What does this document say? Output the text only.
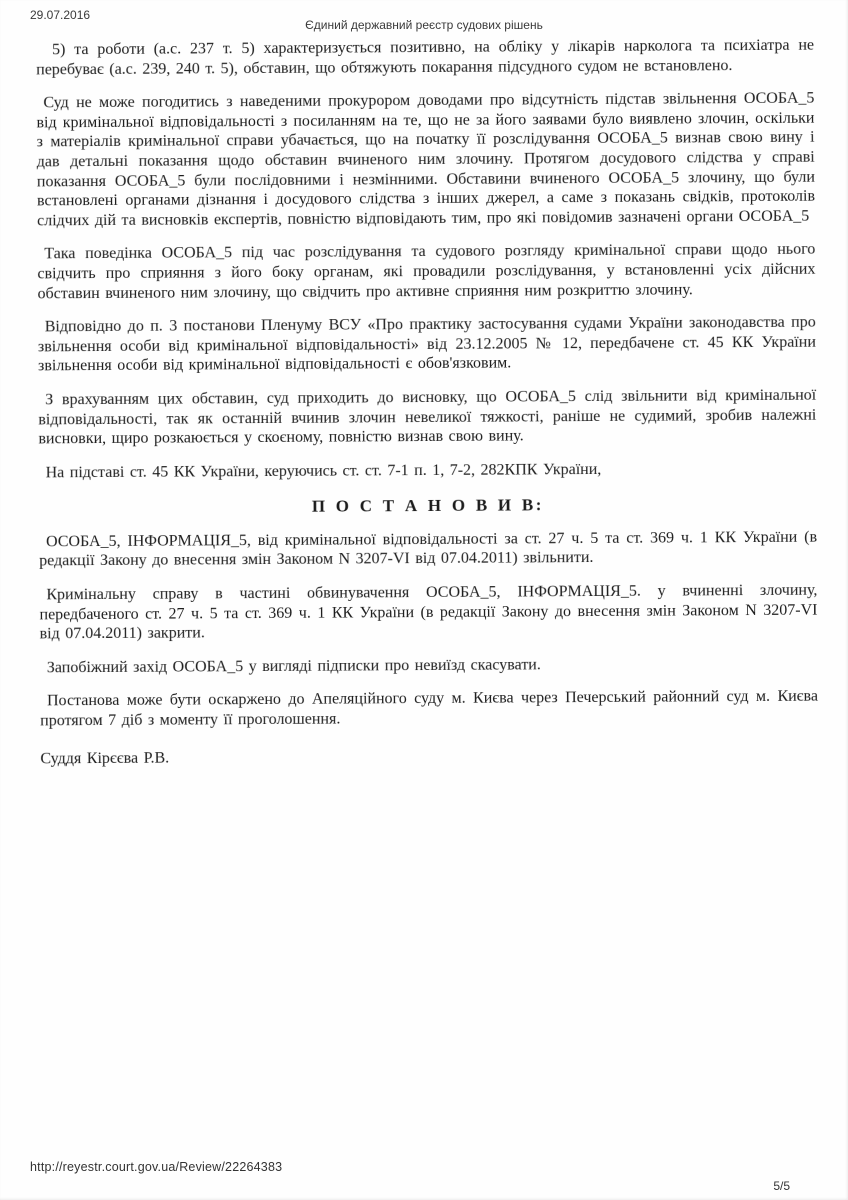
29.07.2016
Єдиний державний реєстр судових рішень

5) та роботи (а.с. 237 т. 5) характеризується позитивно, на обліку у лікарів нарколога та психіатра не перебуває (а.с. 239, 240 т. 5), обставин, що обтяжують покарання підсудного судом не встановлено.

Суд не може погодитись з наведеними прокурором доводами про відсутність підстав звільнення ОСОБА_5 від кримінальної відповідальності з посиланням на те, що не за його заявами було виявлено злочин, оскільки з матеріалів кримінальної справи убачається, що на початку її розслідування ОСОБА_5 визнав свою вину і дав детальні показання щодо обставин вчиненого ним злочину. Протягом досудового слідства у справі показання ОСОБА_5 були послідовними і незмінними. Обставини вчиненого ОСОБА_5 злочину, що були встановлені органами дізнання і досудового слідства з інших джерел, а саме з показань свідків, протоколів слідчих дій та висновків експертів, повністю відповідають тим, про які повідомив зазначені органи ОСОБА_5

Така поведінка ОСОБА_5 під час розслідування та судового розгляду кримінальної справи щодо нього свідчить про сприяння з його боку органам, які провадили розслідування, у встановленні усіх дійсних обставин вчиненого ним злочину, що свідчить про активне сприяння ним розкриттю злочину.

Відповідно до п. 3 постанови Пленуму ВСУ «Про практику застосування судами України законодавства про звільнення особи від кримінальної відповідальності» від 23.12.2005 № 12, передбачене ст. 45 КК України звільнення особи від кримінальної відповідальності є обов'язковим.

З врахуванням цих обставин, суд приходить до висновку, що ОСОБА_5 слід звільнити від кримінальної відповідальності, так як останній вчинив злочин невеликої тяжкості, раніше не судимий, зробив належні висновки, щиро розкаюється у скоєному, повністю визнав свою вину.

На підставі ст. 45 КК України, керуючись ст. ст. 7-1 п. 1, 7-2, 282КПК України,

П О С Т А Н О В И В:

ОСОБА_5, ІНФОРМАЦІЯ_5, від кримінальної відповідальності за ст. 27 ч. 5 та ст. 369 ч. 1 КК України (в редакції Закону до внесення змін Законом N 3207-VI від 07.04.2011) звільнити.

Кримінальну справу в частині обвинувачення ОСОБА_5, ІНФОРМАЦІЯ_5. у вчиненні злочину, передбаченого ст. 27 ч. 5 та ст. 369 ч. 1 КК України (в редакції Закону до внесення змін Законом N 3207-VI від 07.04.2011) закрити.

Запобіжний захід ОСОБА_5 у вигляді підписки про невиїзд скасувати.

Постанова може бути оскаржено до Апеляційного суду м. Києва через Печерський районний суд м. Києва протягом 7 діб з моменту її проголошення.

Суддя Кірєєва Р.В.

http://reyestr.court.gov.ua/Review/22264383
5/5
